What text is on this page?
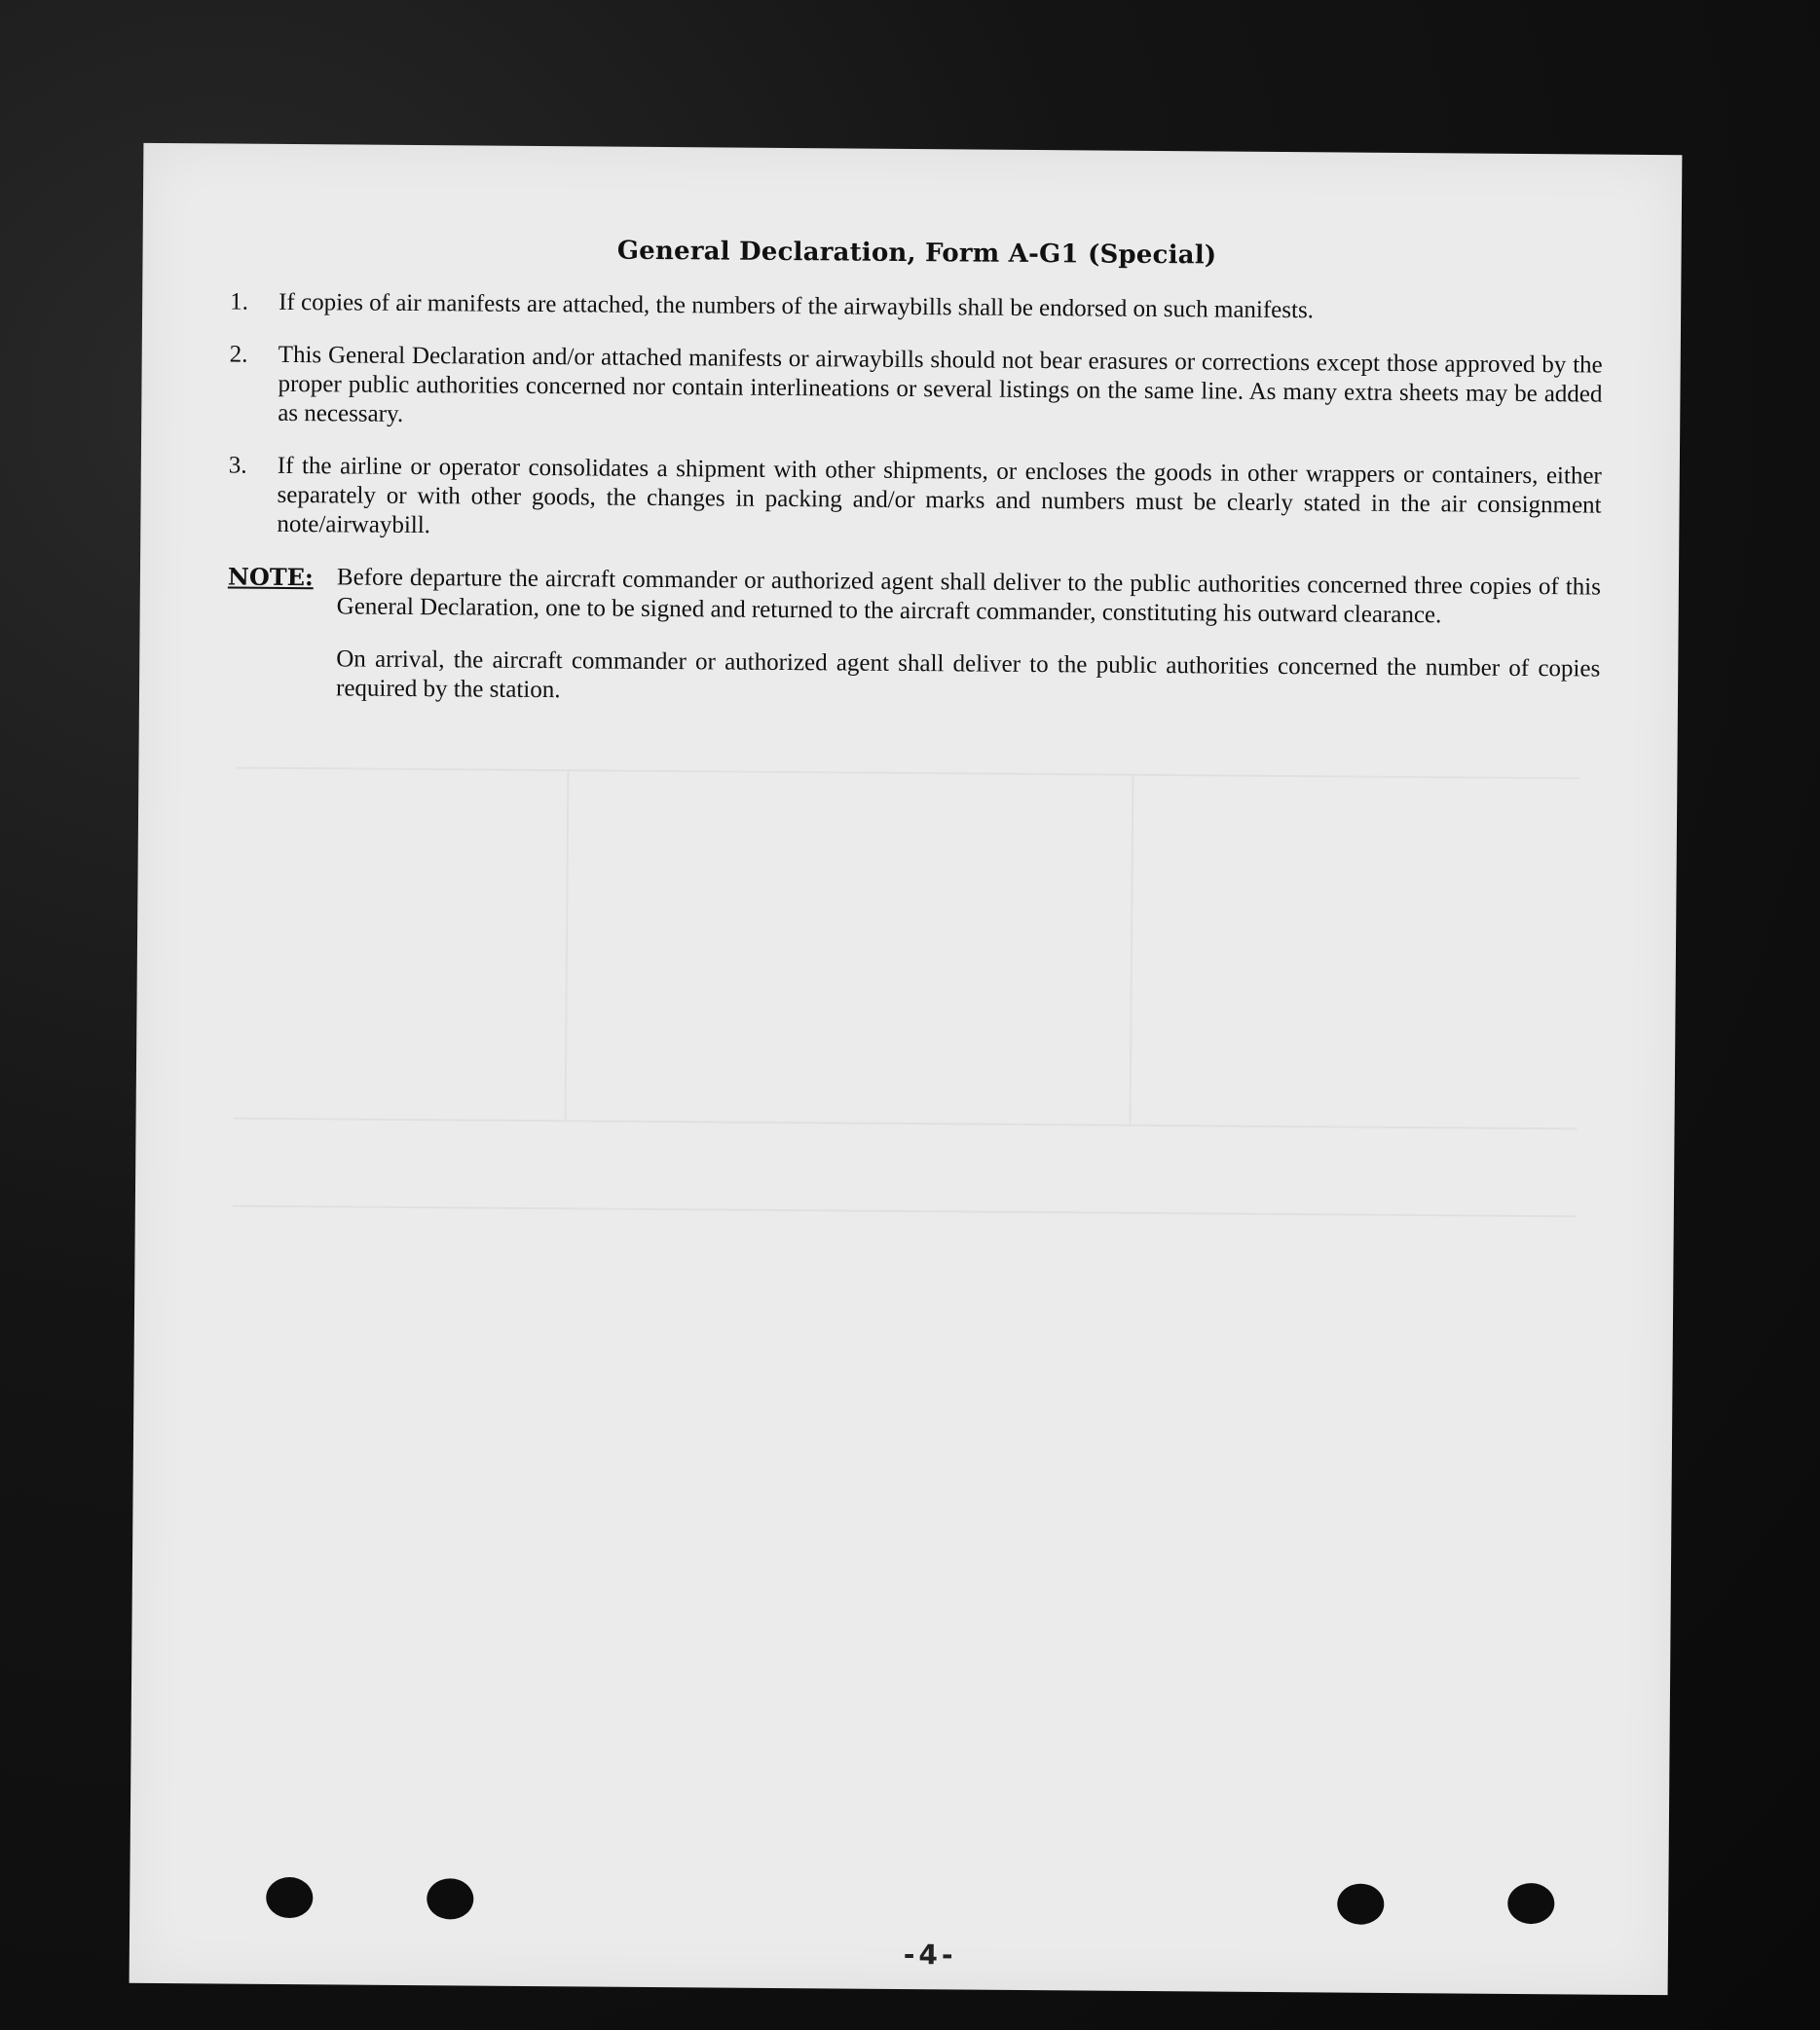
General Declaration, Form A-G1 (Special)
1.	If copies of air manifests are attached, the numbers of the airwaybills shall be endorsed on such manifests.
2.	This General Declaration and/or attached manifests or airwaybills should not bear erasures or corrections except those approved by the proper public authorities concerned nor contain interlineations or several listings on the same line. As many extra sheets may be added as necessary.
3.	If the airline or operator consolidates a shipment with other shipments, or encloses the goods in other wrappers or containers, either separately or with other goods, the changes in packing and/or marks and numbers must be clearly stated in the air consignment note/airwaybill.
NOTE: Before departure the aircraft commander or authorized agent shall deliver to the public authorities concerned three copies of this General Declaration, one to be signed and returned to the aircraft commander, constituting his outward clearance.
On arrival, the aircraft commander or authorized agent shall deliver to the public authorities concerned the number of copies required by the station.
-4-
